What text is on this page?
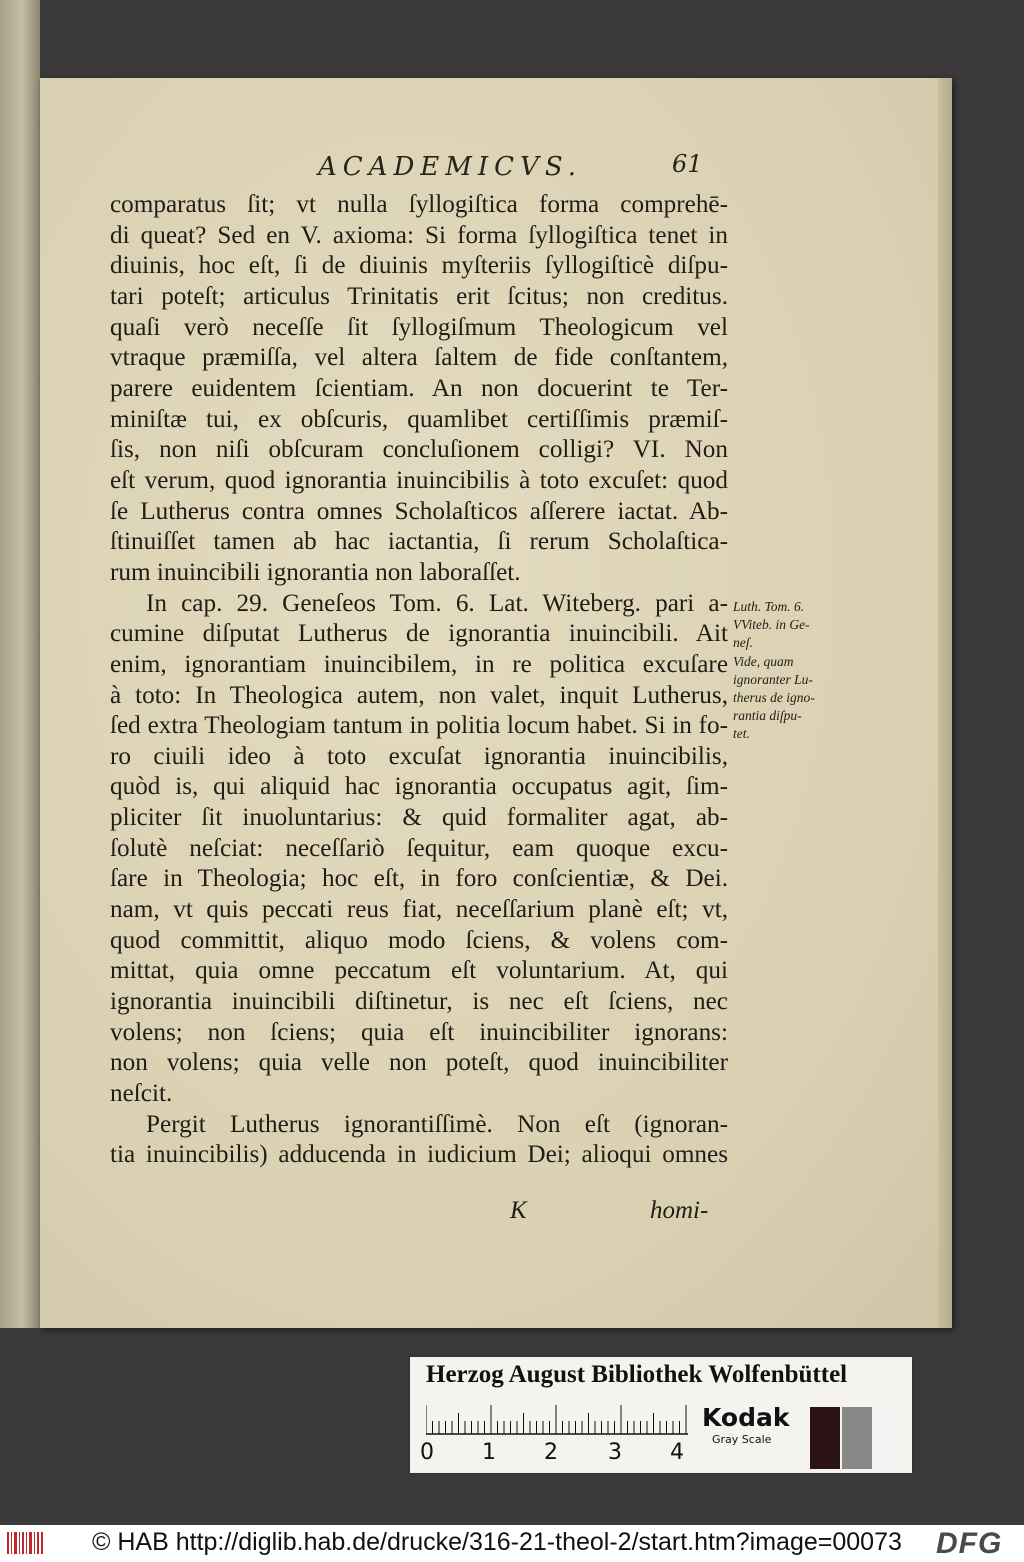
ACADEMICVS.	61
comparatus ſit; vt nulla ſyllogiſtica forma comprehē-
di queat? Sed en V. axioma: Si forma ſyllogiſtica tenet in
diuinis, hoc eſt, ſi de diuinis myſteriis ſyllogiſticè diſpu-
tari poteſt; articulus Trinitatis erit ſcitus; non creditus.
quaſi verò neceſſe ſit ſyllogiſmum Theologicum vel
vtraque præmiſſa, vel altera ſaltem de fide conſtantem,
parere euidentem ſcientiam. An non docuerint te Ter-
miniſtæ tui, ex obſcuris, quamlibet certiſſimis præmiſ-
ſis, non niſi obſcuram concluſionem colligi? VI. Non
eſt verum, quod ignorantia inuincibilis à toto excuſet: quod
ſe Lutherus contra omnes Scholaſticos aſſerere iactat. Ab-
ſtinuiſſet tamen ab hac iactantia, ſi rerum Scholaſtica-
rum inuincibili ignorantia non laboraſſet.
In cap. 29. Geneſeos Tom. 6. Lat. Witeberg. pari a-
cumine diſputat Lutherus de ignorantia inuincibili. Ait
enim, ignorantiam inuincibilem, in re politica excuſare
à toto: In Theologica autem, non valet, inquit Lutherus,
ſed extra Theologiam tantum in politia locum habet. Si in fo-
ro ciuili ideo à toto excuſat ignorantia inuincibilis,
quòd is, qui aliquid hac ignorantia occupatus agit, ſim-
pliciter ſit inuoluntarius: & quid formaliter agat, ab-
ſolutè neſciat: neceſſariò ſequitur, eam quoque excu-
ſare in Theologia; hoc eſt, in foro conſcientiæ, & Dei.
nam, vt quis peccati reus fiat, neceſſarium planè eſt; vt,
quod committit, aliquo modo ſciens, & volens com-
mittat, quia omne peccatum eſt voluntarium. At, qui
ignorantia inuincibili diſtinetur, is nec eſt ſciens, nec
volens; non ſciens; quia eſt inuincibiliter ignorans:
non volens; quia velle non poteſt, quod inuincibiliter
neſcit.
Pergit Lutherus ignorantiſſimè. Non eſt (ignoran-
tia inuincibilis) adducenda in iudicium Dei; alioqui omnes
Luth. Tom. 6.
VViteb. in Ge-
neſ.
Vide, quam
ignoranter Lu-
therus de igno-
rantia diſpu-
tet.
K	homi-
Herzog August Bibliothek Wolfenbüttel
0 1 2 3 4
Kodak
Gray Scale
© HAB http://diglib.hab.de/drucke/316-21-theol-2/start.htm?image=00073 DFG
